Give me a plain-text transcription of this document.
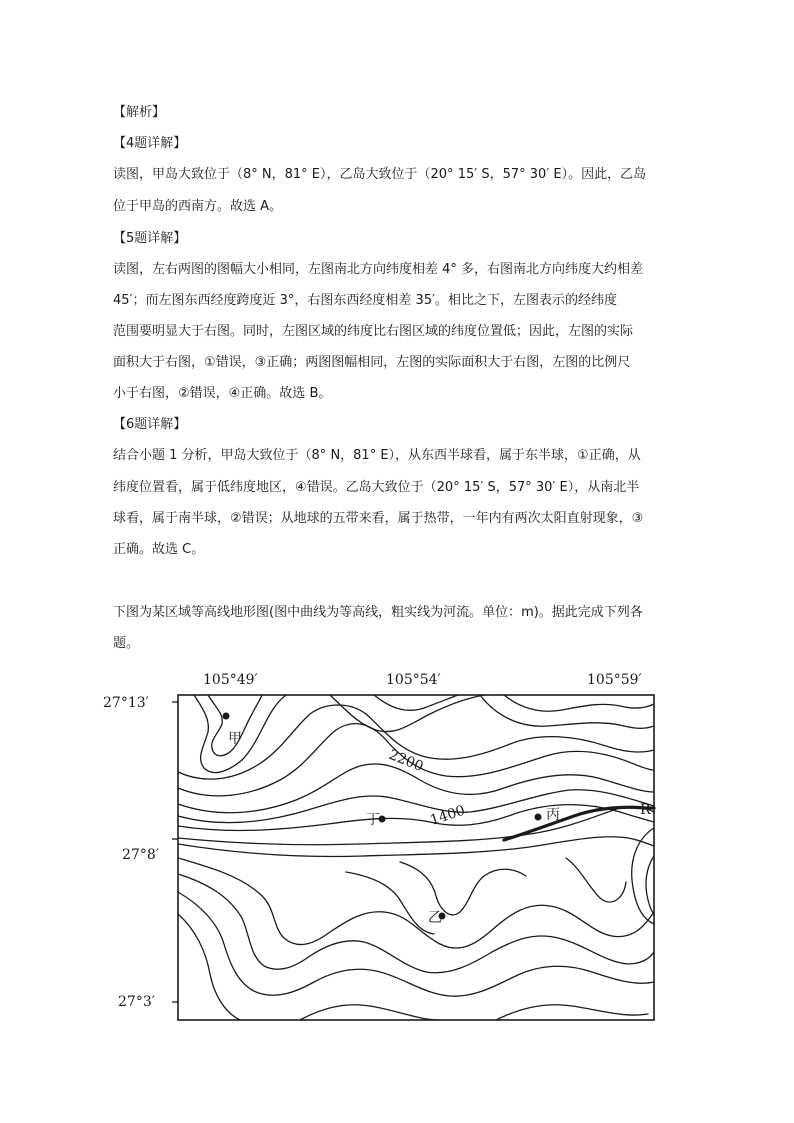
【解析】
【4题详解】
读图，甲岛大致位于（8° N，81° E），乙岛大致位于（20° 15′ S，57° 30′ E）。因此，乙岛
位于甲岛的西南方。故选 A。
【5题详解】
读图，左右两图的图幅大小相同，左图南北方向纬度相差 4° 多，右图南北方向纬度大约相差
45′；而左图东西经度跨度近 3°，右图东西经度相差 35′。相比之下，左图表示的经纬度
范围要明显大于右图。同时，左图区域的纬度比右图区域的纬度位置低；因此，左图的实际
面积大于右图，①错误，③正确；两图图幅相同，左图的实际面积大于右图，左图的比例尺
小于右图，②错误，④正确。故选 B。
【6题详解】
结合小题 1 分析，甲岛大致位于（8° N，81° E），从东西半球看，属于东半球，①正确，从
纬度位置看，属于低纬度地区，④错误。乙岛大致位于（20° 15′ S，57° 30′ E），从南北半
球看，属于南半球，②错误；从地球的五带来看，属于热带，一年内有两次太阳直射现象，③
正确。故选 C。
下图为某区域等高线地形图(图中曲线为等高线，粗实线为河流。单位：m)。据此完成下列各
题。
105°49′	105°54′	105°59′
27°13′
27°8′
27°3′
R
2200
1400
甲
丁	丙
乙
